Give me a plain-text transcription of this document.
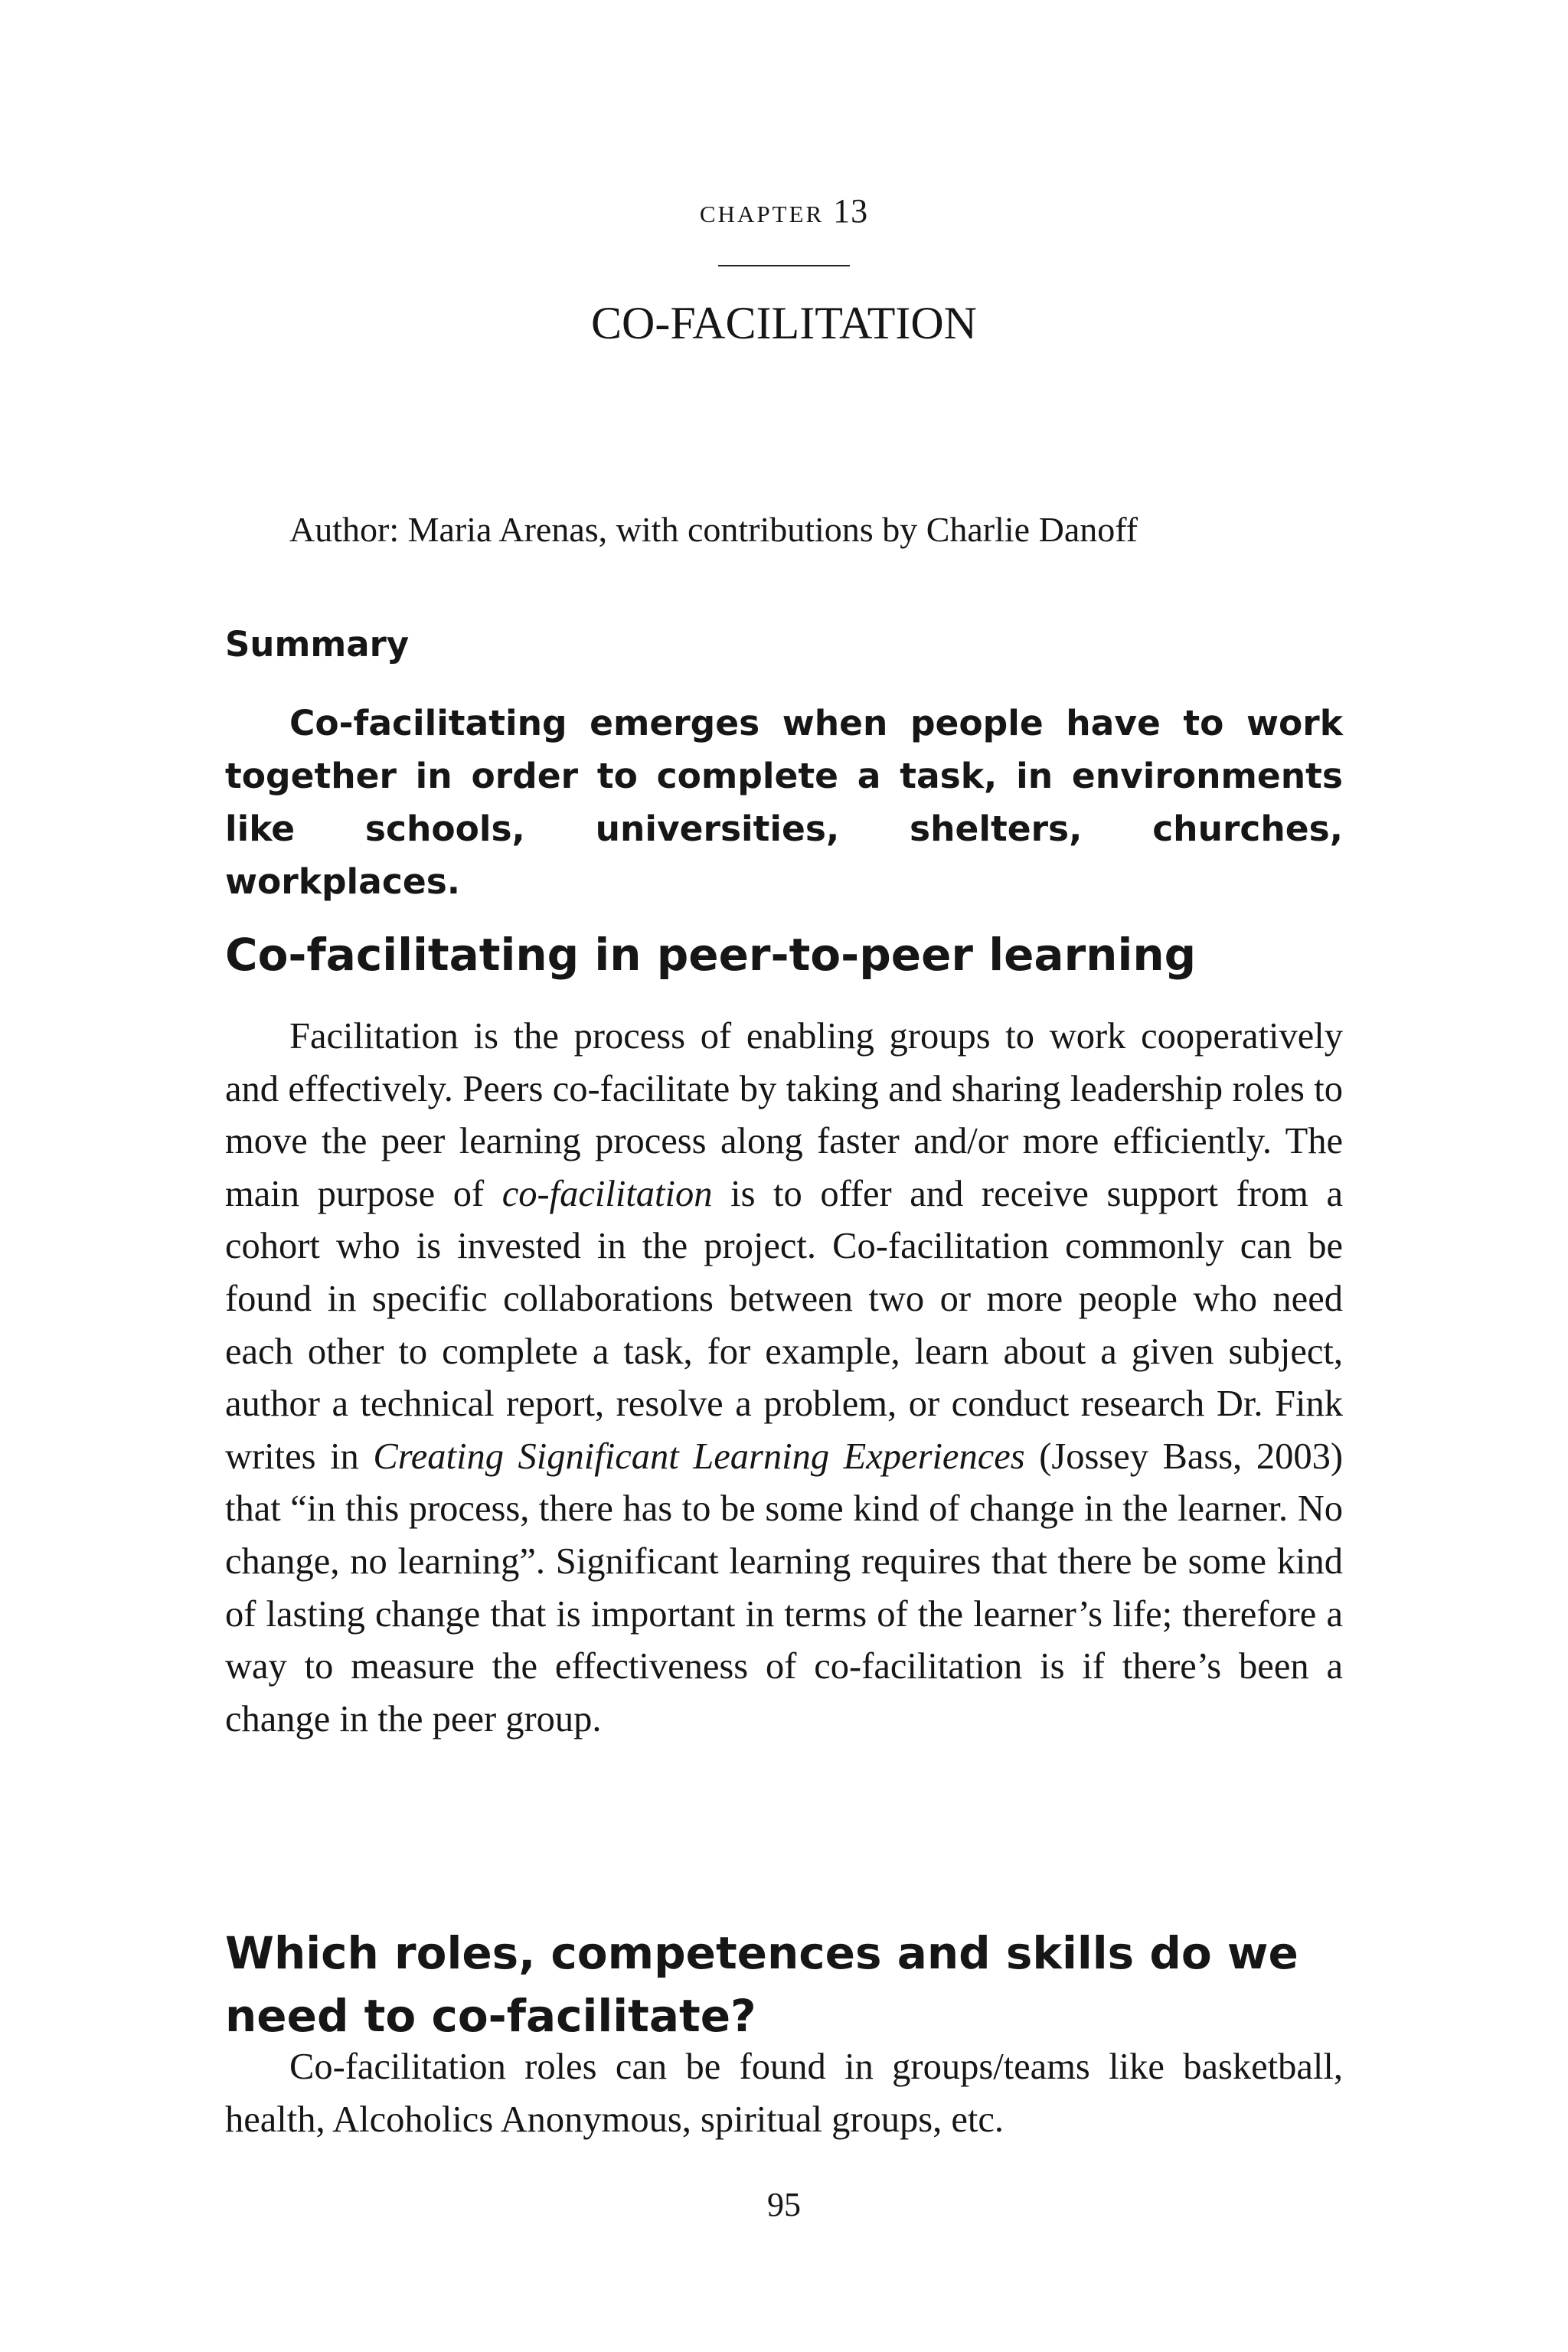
chapter 13
CO-FACILITATION
Author: Maria Arenas, with contributions by Charlie Danoff
Summary
Co-facilitating emerges when people have to work together in order to complete a task, in environments like schools, universities, shelters, churches, workplaces.
Co-facilitating in peer-to-peer learning
Facilitation is the process of enabling groups to work cooperatively and effectively. Peers co-facilitate by taking and sharing leadership roles to move the peer learning process along faster and/or more efficiently. The main purpose of co-facilitation is to offer and receive support from a cohort who is invested in the project. Co-facilitation commonly can be found in specific collaborations between two or more people who need each other to complete a task, for example, learn about a given subject, author a technical report, resolve a problem, or conduct research Dr. Fink writes in Creating Significant Learning Experiences (Jossey Bass, 2003) that “in this process, there has to be some kind of change in the learner. No change, no learning”. Significant learning requires that there be some kind of lasting change that is important in terms of the learner’s life; therefore a way to measure the effectiveness of co-facilitation is if there’s been a change in the peer group.
Which roles, competences and skills do we need to co-facilitate?
Co-facilitation roles can be found in groups/teams like basketball, health, Alcoholics Anonymous, spiritual groups, etc.
95
